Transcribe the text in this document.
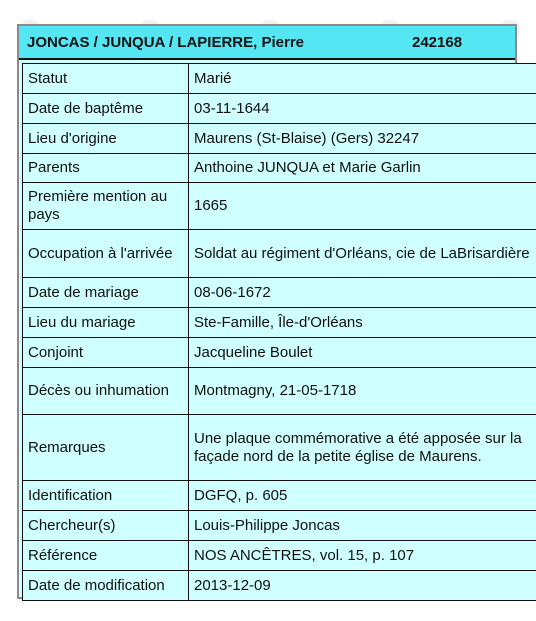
JONCAS / JUNQUA / LAPIERRE, Pierre	242168
Statut	Marié
Date de baptême	03-11-1644
Lieu d'origine	Maurens (St-Blaise) (Gers) 32247
Parents	Anthoine JUNQUA et Marie Garlin
Première mention au pays	1665
Occupation à l'arrivée	Soldat au régiment d'Orléans, cie de LaBrisardière
Date de mariage	08-06-1672
Lieu du mariage	Ste-Famille, Île-d'Orléans
Conjoint	Jacqueline Boulet
Décès ou inhumation	Montmagny, 21-05-1718
Remarques	Une plaque commémorative a été apposée sur la façade nord de la petite église de Maurens.
Identification	DGFQ, p. 605
Chercheur(s)	Louis-Philippe Joncas
Référence	NOS ANCÊTRES, vol. 15, p. 107
Date de modification	2013-12-09
